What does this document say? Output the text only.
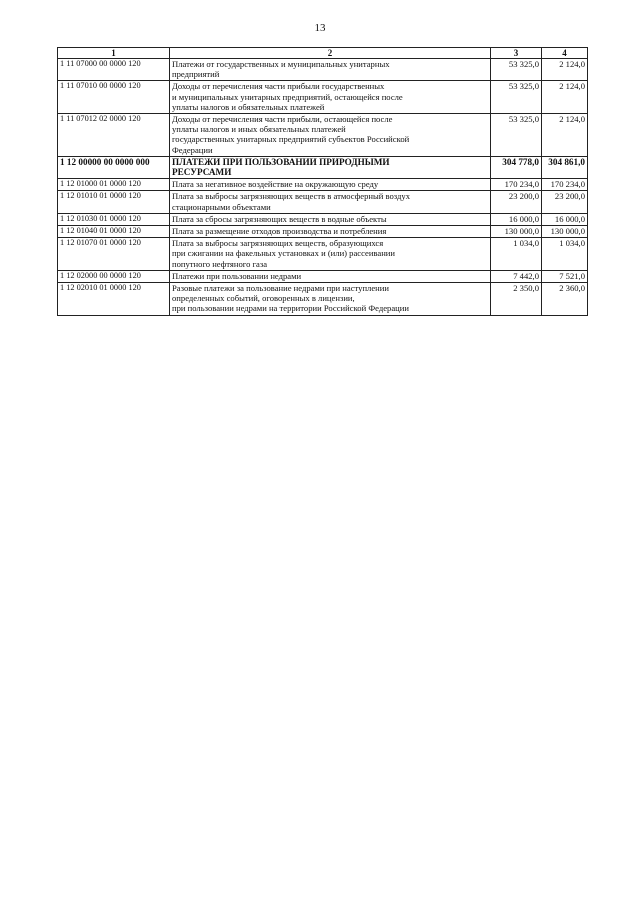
13
1	2	3	4
1 11 07000 00 0000 120	Платежи от государственных и муниципальных унитарных
предприятий	53 325,0	2 124,0
1 11 07010 00 0000 120	Доходы от перечисления части прибыли государственных
и муниципальных унитарных предприятий, остающейся после
уплаты налогов и обязательных платежей	53 325,0	2 124,0
1 11 07012 02 0000 120	Доходы от перечисления части прибыли, остающейся после
уплаты налогов и иных обязательных платежей
государственных унитарных предприятий субъектов Российской
Федерации	53 325,0	2 124,0
1 12 00000 00 0000 000	ПЛАТЕЖИ ПРИ ПОЛЬЗОВАНИИ ПРИРОДНЫМИ
РЕСУРСАМИ	304 778,0	304 861,0
1 12 01000 01 0000 120	Плата за негативное воздействие на окружающую среду	170 234,0	170 234,0
1 12 01010 01 0000 120	Плата за выбросы загрязняющих веществ в атмосферный воздух
стационарными объектами	23 200,0	23 200,0
1 12 01030 01 0000 120	Плата за сбросы загрязняющих веществ в водные объекты	16 000,0	16 000,0
1 12 01040 01 0000 120	Плата за размещение отходов производства и потребления	130 000,0	130 000,0
1 12 01070 01 0000 120	Плата за выбросы загрязняющих веществ, образующихся
при сжигании на факельных установках и (или) рассеивании
попутного нефтяного газа	1 034,0	1 034,0
1 12 02000 00 0000 120	Платежи при пользовании недрами	7 442,0	7 521,0
1 12 02010 01 0000 120	Разовые платежи за пользование недрами при наступлении
определенных событий, оговоренных в лицензии,
при пользовании недрами на территории Российской Федерации	2 350,0	2 360,0
